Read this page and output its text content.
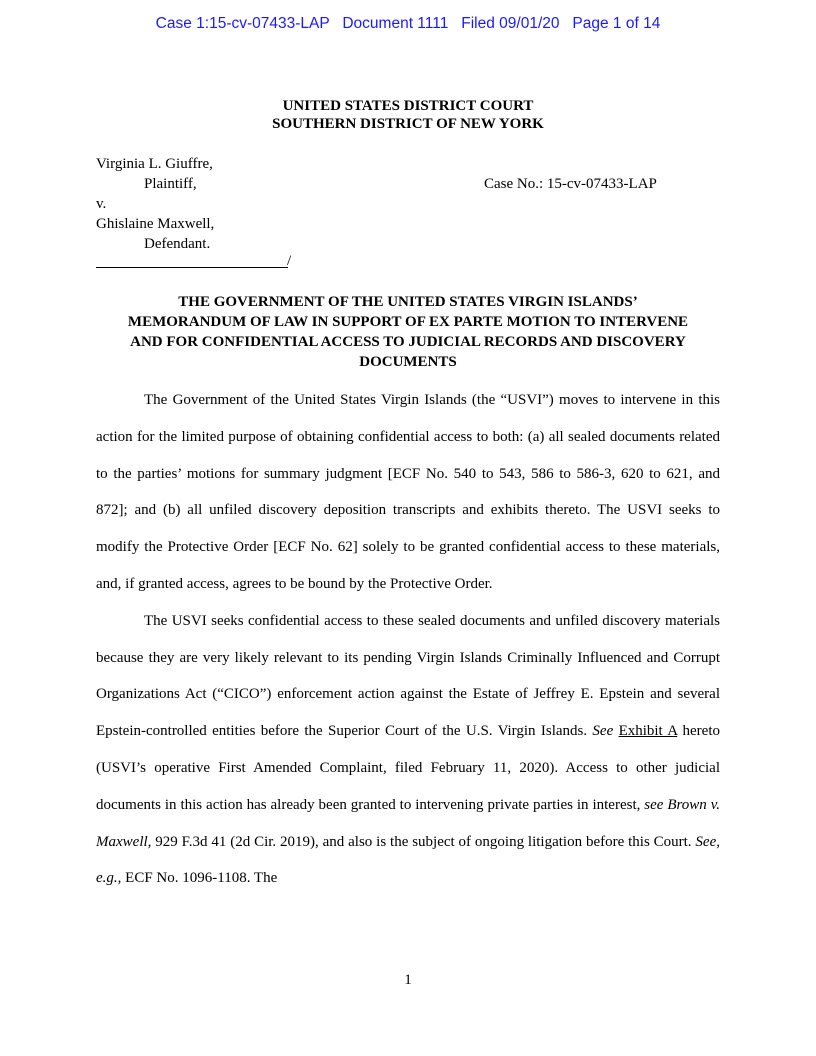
Case 1:15-cv-07433-LAP   Document 1111   Filed 09/01/20   Page 1 of 14
UNITED STATES DISTRICT COURT
SOUTHERN DISTRICT OF NEW YORK
Virginia L. Giuffre,
Plaintiff,
v.
Ghislaine Maxwell,
Defendant.
Case No.: 15-cv-07433-LAP
/
THE GOVERNMENT OF THE UNITED STATES VIRGIN ISLANDS’
MEMORANDUM OF LAW IN SUPPORT OF EX PARTE MOTION TO INTERVENE
AND FOR CONFIDENTIAL ACCESS TO JUDICIAL RECORDS AND DISCOVERY
DOCUMENTS

The Government of the United States Virgin Islands (the “USVI”) moves to intervene in this action for the limited purpose of obtaining confidential access to both: (a) all sealed documents related to the parties’ motions for summary judgment [ECF No. 540 to 543, 586 to 586-3, 620 to 621, and 872]; and (b) all unfiled discovery deposition transcripts and exhibits thereto. The USVI seeks to modify the Protective Order [ECF No. 62] solely to be granted confidential access to these materials, and, if granted access, agrees to be bound by the Protective Order.

The USVI seeks confidential access to these sealed documents and unfiled discovery materials because they are very likely relevant to its pending Virgin Islands Criminally Influenced and Corrupt Organizations Act (“CICO”) enforcement action against the Estate of Jeffrey E. Epstein and several Epstein-controlled entities before the Superior Court of the U.S. Virgin Islands. See Exhibit A hereto (USVI’s operative First Amended Complaint, filed February 11, 2020). Access to other judicial documents in this action has already been granted to intervening private parties in interest, see Brown v. Maxwell, 929 F.3d 41 (2d Cir. 2019), and also is the subject of ongoing litigation before this Court. See, e.g., ECF No. 1096-1108. The

1
